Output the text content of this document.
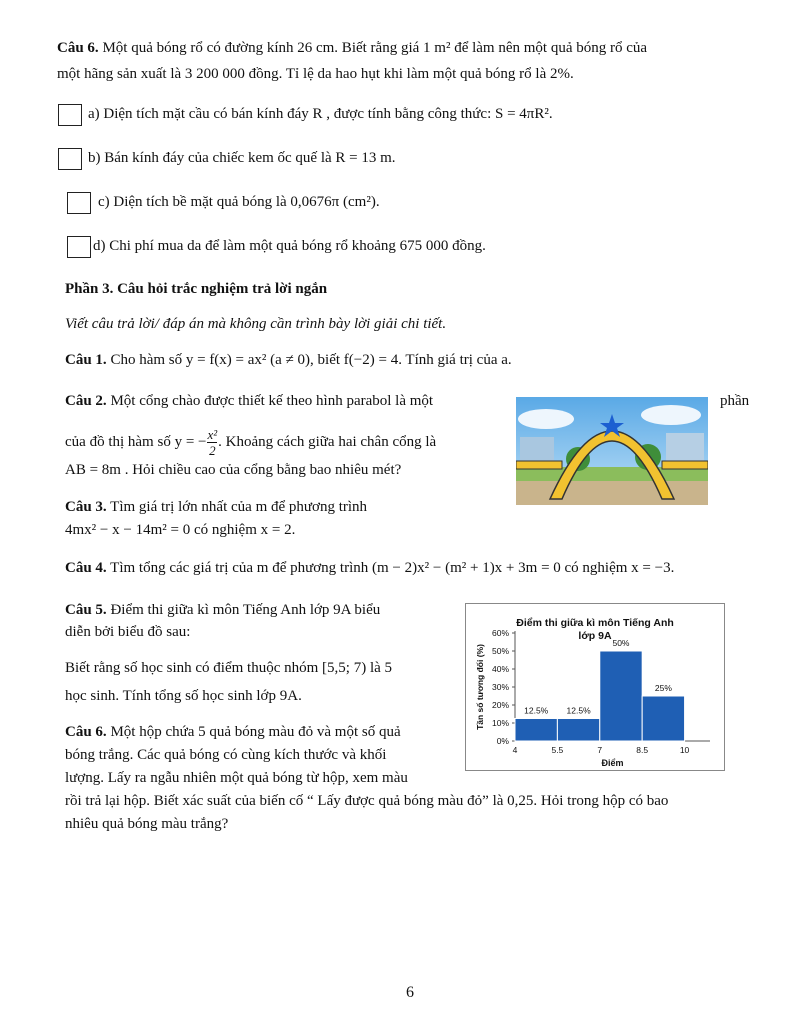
Câu 6. Một quả bóng rổ có đường kính 26 cm. Biết rằng giá 1 m² để làm nên một quả bóng rổ của
một hãng sản xuất là 3 200 000 đồng. Tỉ lệ da hao hụt khi làm một quả bóng rổ là 2%.
a) Diện tích mặt cầu có bán kính đáy R , được tính bằng công thức: S = 4πR².
b) Bán kính đáy của chiếc kem ốc quế là R = 13 m.
c) Diện tích bề mặt quả bóng là 0,0676π (cm²).
d) Chi phí mua da để làm một quả bóng rổ khoảng 675 000 đồng.
Phần 3. Câu hỏi trắc nghiệm trả lời ngắn
Viết câu trả lời/ đáp án mà không cần trình bày lời giải chi tiết.
Câu 1. Cho hàm số y = f(x) = ax² (a ≠ 0), biết f(−2) = 4. Tính giá trị của a.
Câu 2. Một cổng chào được thiết kế theo hình parabol là một	phần
của đồ thị hàm số y = − $\frac{\text{x²}}{2}$ . Khoảng cách giữa hai chân cổng là
AB = 8m . Hỏi chiều cao của cổng bằng bao nhiêu mét?
Câu 3. Tìm giá trị lớn nhất của m để phương trình
4mx² − x − 14m² = 0 có nghiệm x = 2.
Câu 4. Tìm tổng các giá trị của m để phương trình (m − 2)x² − (m² + 1)x + 3m = 0 có nghiệm x = −3.
Câu 5. Điểm thi giữa kì môn Tiếng Anh lớp 9A biểu
diễn bởi biểu đồ sau:
Biết rằng số học sinh có điểm thuộc nhóm [5,5; 7) là 5
học sinh. Tính tổng số học sinh lớp 9A.
Câu 6. Một hộp chứa 5 quả bóng màu đỏ và một số quả
bóng trắng. Các quả bóng có cùng kích thước và khối
lượng. Lấy ra ngẫu nhiên một quả bóng từ hộp, xem màu
rồi trả lại hộp. Biết xác suất của biến cố “ Lấy được quả bóng màu đỏ” là 0,25. Hỏi trong hộp có bao
nhiêu quả bóng màu trắng?
Điểm thi giữa kì môn Tiếng Anh
lớp 9A
0%
10%
20%
30%
40%
50%
60%
12.5% 12.5%
50%
25%
4	5.5	7	8.5	10
Điểm
Tần số tương đối (%)
6
